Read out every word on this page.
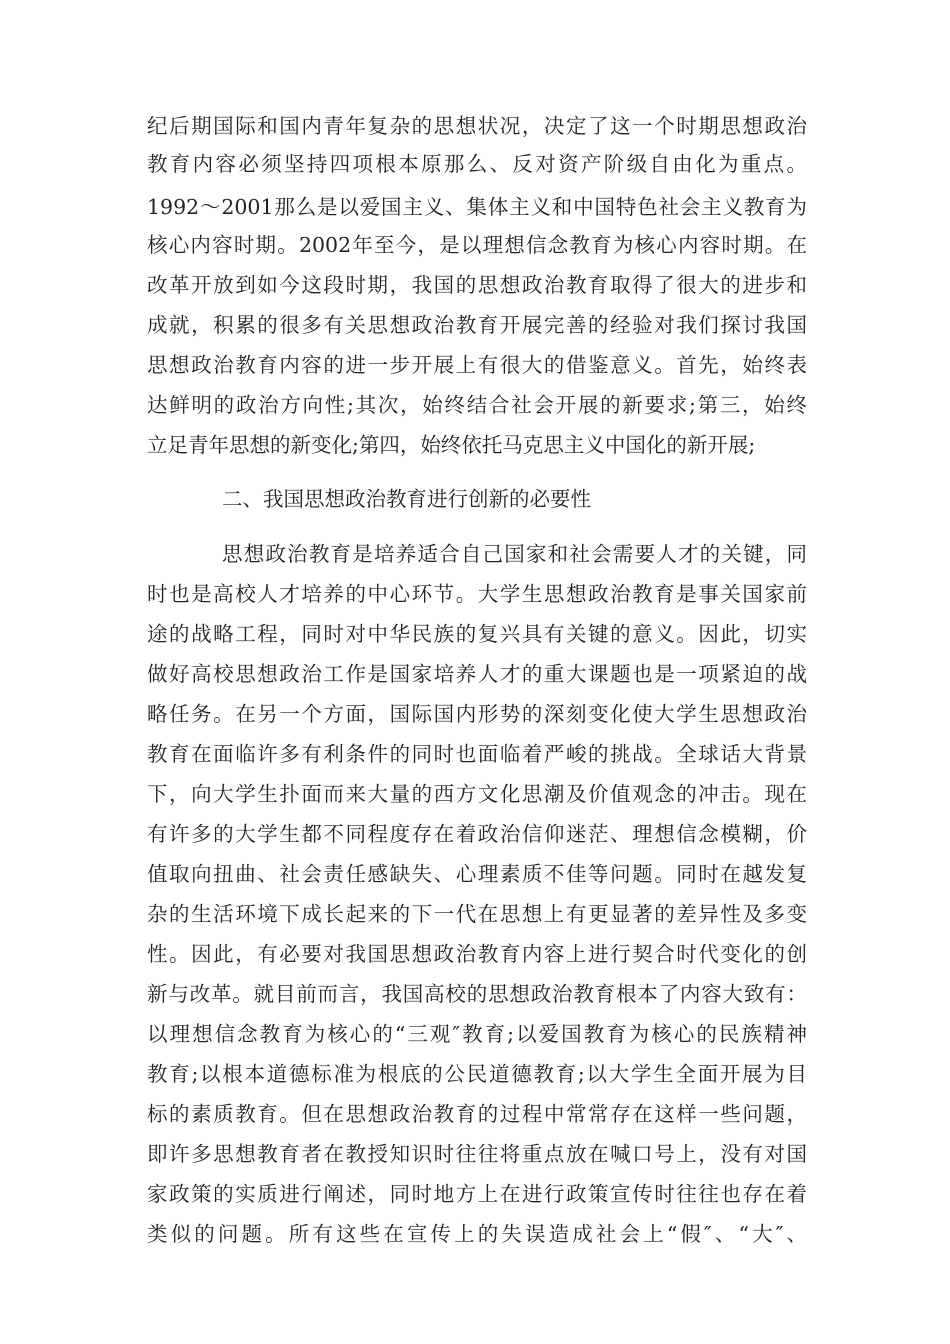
纪后期国际和国内青年复杂的思想状况，决定了这一个时期思想政治
教育内容必须坚持四项根本原那么、反对资产阶级自由化为重点。
1992～2001那么是以爱国主义、集体主义和中国特色社会主义教育为
核心内容时期。2002年至今，是以理想信念教育为核心内容时期。在
改革开放到如今这段时期，我国的思想政治教育取得了很大的进步和
成就，积累的很多有关思想政治教育开展完善的经验对我们探讨我国
思想政治教育内容的进一步开展上有很大的借鉴意义。首先，始终表
达鲜明的政治方向性;其次，始终结合社会开展的新要求;第三，始终
立足青年思想的新变化;第四，始终依托马克思主义中国化的新开展;
二、我国思想政治教育进行创新的必要性
思想政治教育是培养适合自己国家和社会需要人才的关键，同
时也是高校人才培养的中心环节。大学生思想政治教育是事关国家前
途的战略工程，同时对中华民族的复兴具有关键的意义。因此，切实
做好高校思想政治工作是国家培养人才的重大课题也是一项紧迫的战
略任务。在另一个方面，国际国内形势的深刻变化使大学生思想政治
教育在面临许多有利条件的同时也面临着严峻的挑战。全球话大背景
下，向大学生扑面而来大量的西方文化思潮及价值观念的冲击。现在
有许多的大学生都不同程度存在着政治信仰迷茫、理想信念模糊，价
值取向扭曲、社会责任感缺失、心理素质不佳等问题。同时在越发复
杂的生活环境下成长起来的下一代在思想上有更显著的差异性及多变
性。因此，有必要对我国思想政治教育内容上进行契合时代变化的创
新与改革。就目前而言，我国高校的思想政治教育根本了内容大致有：
以理想信念教育为核心的“三观″教育;以爱国教育为核心的民族精神
教育;以根本道德标准为根底的公民道德教育;以大学生全面开展为目
标的素质教育。但在思想政治教育的过程中常常存在这样一些问题，
即许多思想教育者在教授知识时往往将重点放在喊口号上，没有对国
家政策的实质进行阐述，同时地方上在进行政策宣传时往往也存在着
类似的问题。所有这些在宣传上的失误造成社会上“假″、“大″、
